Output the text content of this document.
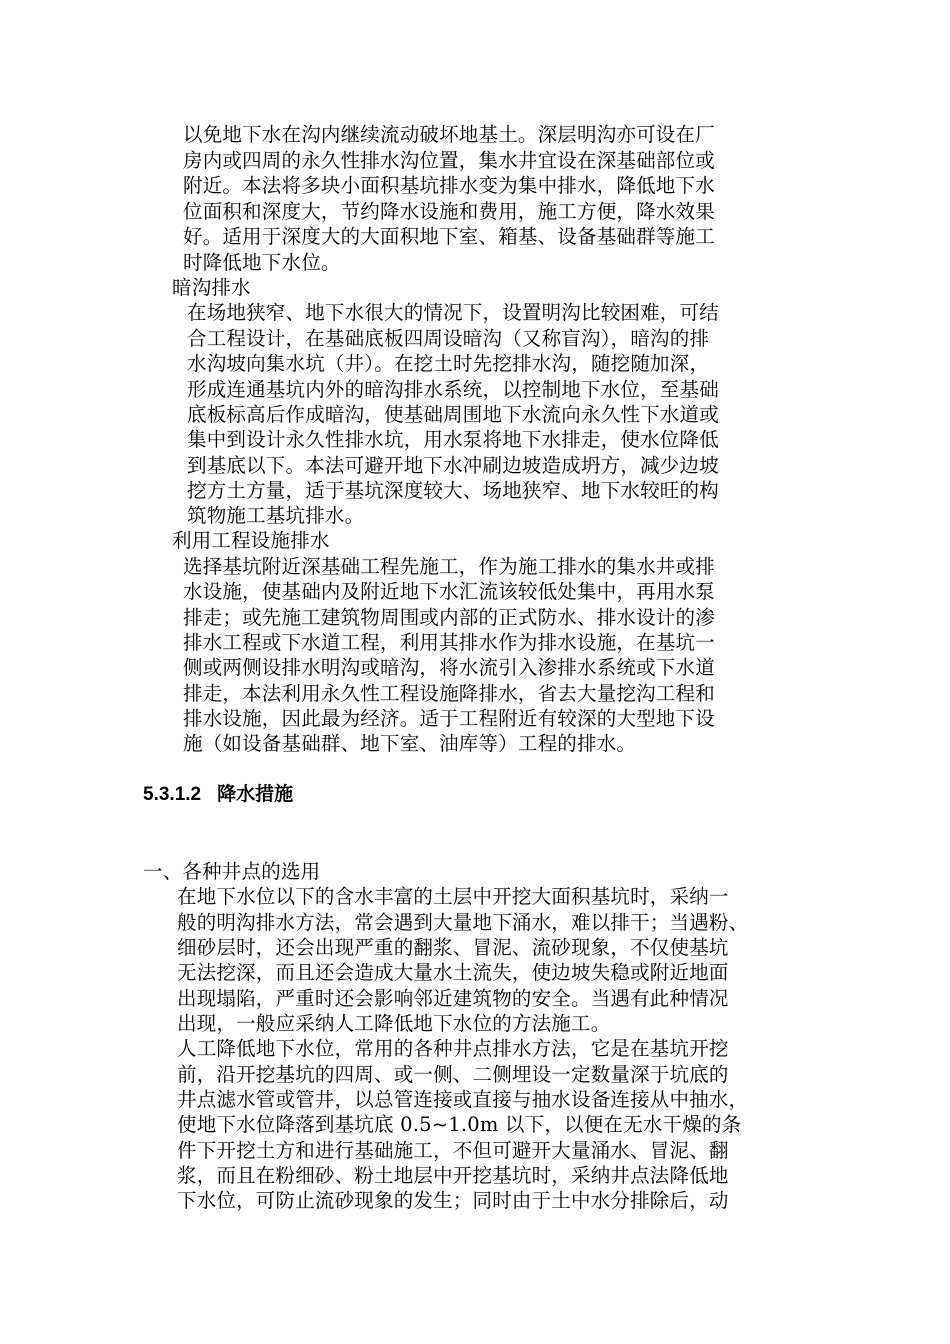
以免地下水在沟内继续流动破坏地基土。深层明沟亦可设在厂
房内或四周的永久性排水沟位置，集水井宜设在深基础部位或
附近。本法将多块小面积基坑排水变为集中排水，降低地下水
位面积和深度大，节约降水设施和费用，施工方便，降水效果
好。适用于深度大的大面积地下室、箱基、设备基础群等施工
时降低地下水位。
暗沟排水
在场地狭窄、地下水很大的情况下，设置明沟比较困难，可结
合工程设计，在基础底板四周设暗沟（又称盲沟），暗沟的排
水沟坡向集水坑（井）。在挖土时先挖排水沟，随挖随加深，
形成连通基坑内外的暗沟排水系统，以控制地下水位，至基础
底板标高后作成暗沟，使基础周围地下水流向永久性下水道或
集中到设计永久性排水坑，用水泵将地下水排走，使水位降低
到基底以下。本法可避开地下水冲刷边坡造成坍方，减少边坡
挖方土方量，适于基坑深度较大、场地狭窄、地下水较旺的构
筑物施工基坑排水。
利用工程设施排水
选择基坑附近深基础工程先施工，作为施工排水的集水井或排
水设施，使基础内及附近地下水汇流该较低处集中，再用水泵
排走；或先施工建筑物周围或内部的正式防水、排水设计的渗
排水工程或下水道工程，利用其排水作为排水设施，在基坑一
侧或两侧设排水明沟或暗沟，将水流引入渗排水系统或下水道
排走，本法利用永久性工程设施降排水，省去大量挖沟工程和
排水设施，因此最为经济。适于工程附近有较深的大型地下设
施（如设备基础群、地下室、油库等）工程的排水。
5.3.1.2 降水措施
一、各种井点的选用
在地下水位以下的含水丰富的土层中开挖大面积基坑时，采纳一
般的明沟排水方法，常会遇到大量地下涌水，难以排干；当遇粉、
细砂层时，还会出现严重的翻浆、冒泥、流砂现象，不仅使基坑
无法挖深，而且还会造成大量水土流失，使边坡失稳或附近地面
出现塌陷，严重时还会影响邻近建筑物的安全。当遇有此种情况
出现，一般应采纳人工降低地下水位的方法施工。
人工降低地下水位，常用的各种井点排水方法，它是在基坑开挖
前，沿开挖基坑的四周、或一侧、二侧埋设一定数量深于坑底的
井点滤水管或管井，以总管连接或直接与抽水设备连接从中抽水，
使地下水位降落到基坑底 0.5~1.0m 以下，以便在无水干燥的条
件下开挖土方和进行基础施工，不但可避开大量涌水、冒泥、翻
浆，而且在粉细砂、粉土地层中开挖基坑时，采纳井点法降低地
下水位，可防止流砂现象的发生；同时由于土中水分排除后，动
